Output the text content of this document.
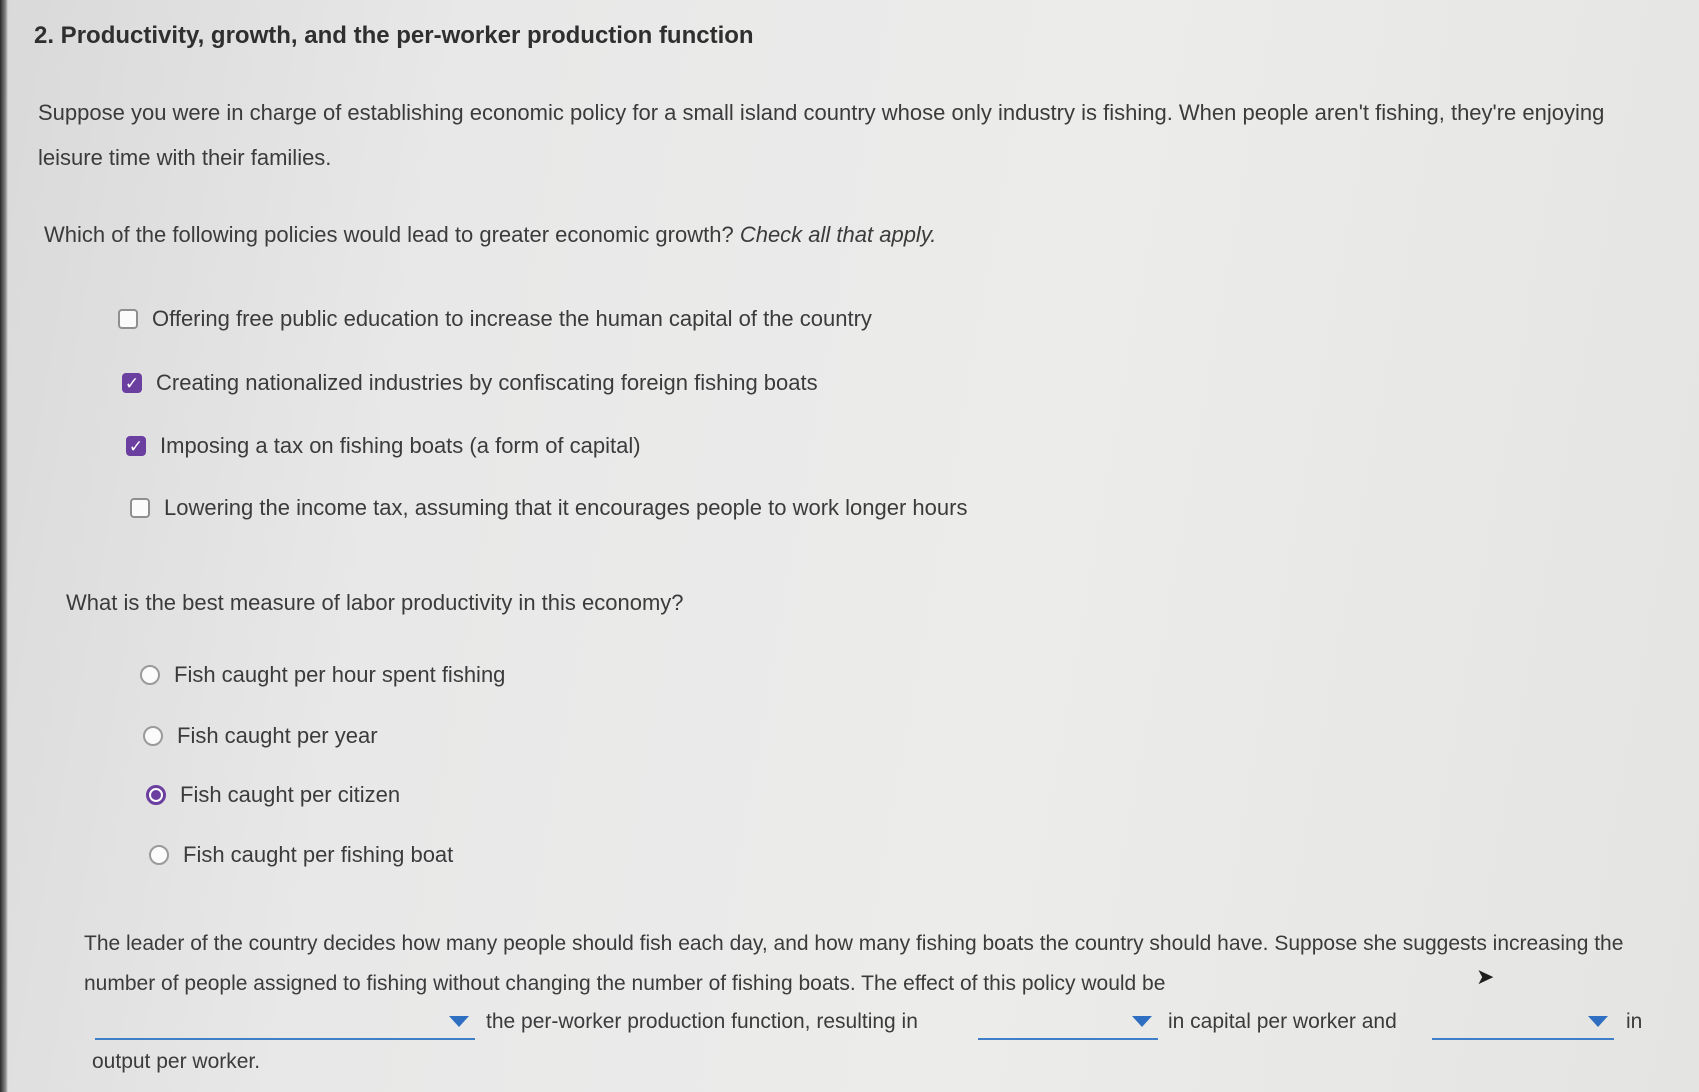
2. Productivity, growth, and the per-worker production function
Suppose you were in charge of establishing economic policy for a small island country whose only industry is fishing. When people aren't fishing, they're enjoying leisure time with their families.
Which of the following policies would lead to greater economic growth? Check all that apply.
Offering free public education to increase the human capital of the country
✓ Creating nationalized industries by confiscating foreign fishing boats
✓ Imposing a tax on fishing boats (a form of capital)
Lowering the income tax, assuming that it encourages people to work longer hours
What is the best measure of labor productivity in this economy?
Fish caught per hour spent fishing
Fish caught per year
Fish caught per citizen
Fish caught per fishing boat
The leader of the country decides how many people should fish each day, and how many fishing boats the country should have. Suppose she suggests increasing the number of people assigned to fishing without changing the number of fishing boats. The effect of this policy would be
the per-worker production function, resulting in	in capital per worker and	in
output per worker.
➤
